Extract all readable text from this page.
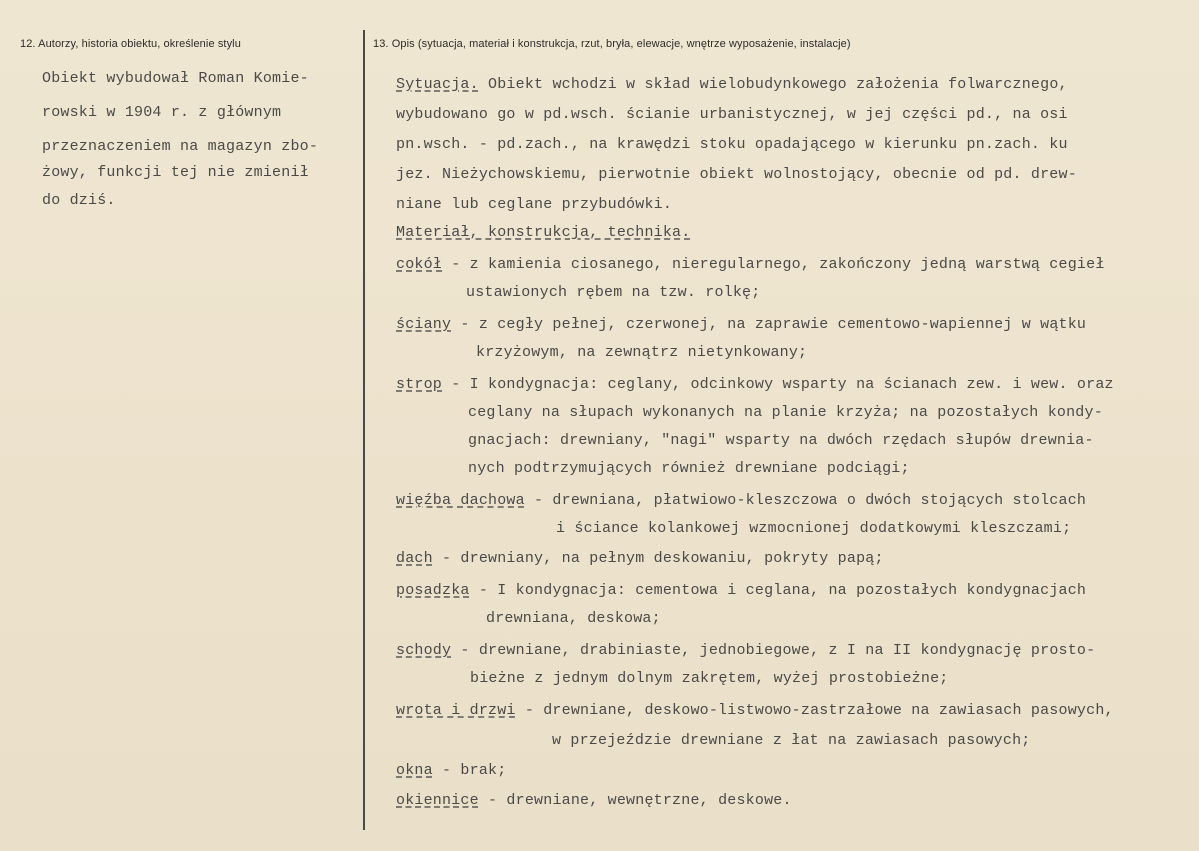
12. Autorzy, historia obiektu, określenie stylu	13. Opis (sytuacja, materiał i konstrukcja, rzut, bryła, elewacje, wnętrze wyposażenie, instalacje)
Obiekt wybudował Roman Komie-
rowski w 1904 r. z głównym
przeznaczeniem na magazyn zbo-
żowy, funkcji tej nie zmienił
do dziś.
Sytuacja. Obiekt wchodzi w skład wielobudynkowego założenia folwarcznego,
wybudowano go w pd.wsch. ścianie urbanistycznej, w jej części pd., na osi
pn.wsch. - pd.zach., na krawędzi stoku opadającego w kierunku pn.zach. ku
jez. Nieżychowskiemu, pierwotnie obiekt wolnostojący, obecnie od pd. drew-
niane lub ceglane przybudówki.
Materiał, konstrukcja, technika.
cokół - z kamienia ciosanego, nieregularnego, zakończony jedną warstwą cegieł
ustawionych rębem na tzw. rolkę;
ściany - z cegły pełnej, czerwonej, na zaprawie cementowo-wapiennej w wątku
krzyżowym, na zewnątrz nietynkowany;
strop - I kondygnacja: ceglany, odcinkowy wsparty na ścianach zew. i wew. oraz
ceglany na słupach wykonanych na planie krzyża; na pozostałych kondy-
gnacjach: drewniany, "nagi" wsparty na dwóch rzędach słupów drewnia-
nych podtrzymujących również drewniane podciągi;
więźba dachowa - drewniana, płatwiowo-kleszczowa o dwóch stojących stolcach
i ściance kolankowej wzmocnionej dodatkowymi kleszczami;
dach - drewniany, na pełnym deskowaniu, pokryty papą;
posadzka - I kondygnacja: cementowa i ceglana, na pozostałych kondygnacjach
drewniana, deskowa;
schody - drewniane, drabiniaste, jednobiegowe, z I na II kondygnację prosto-
bieżne z jednym dolnym zakrętem, wyżej prostobieżne;
wrota i drzwi - drewniane, deskowo-listwowo-zastrzałowe na zawiasach pasowych,
w przejeździe drewniane z łat na zawiasach pasowych;
okna - brak;
okiennice - drewniane, wewnętrzne, deskowe.
